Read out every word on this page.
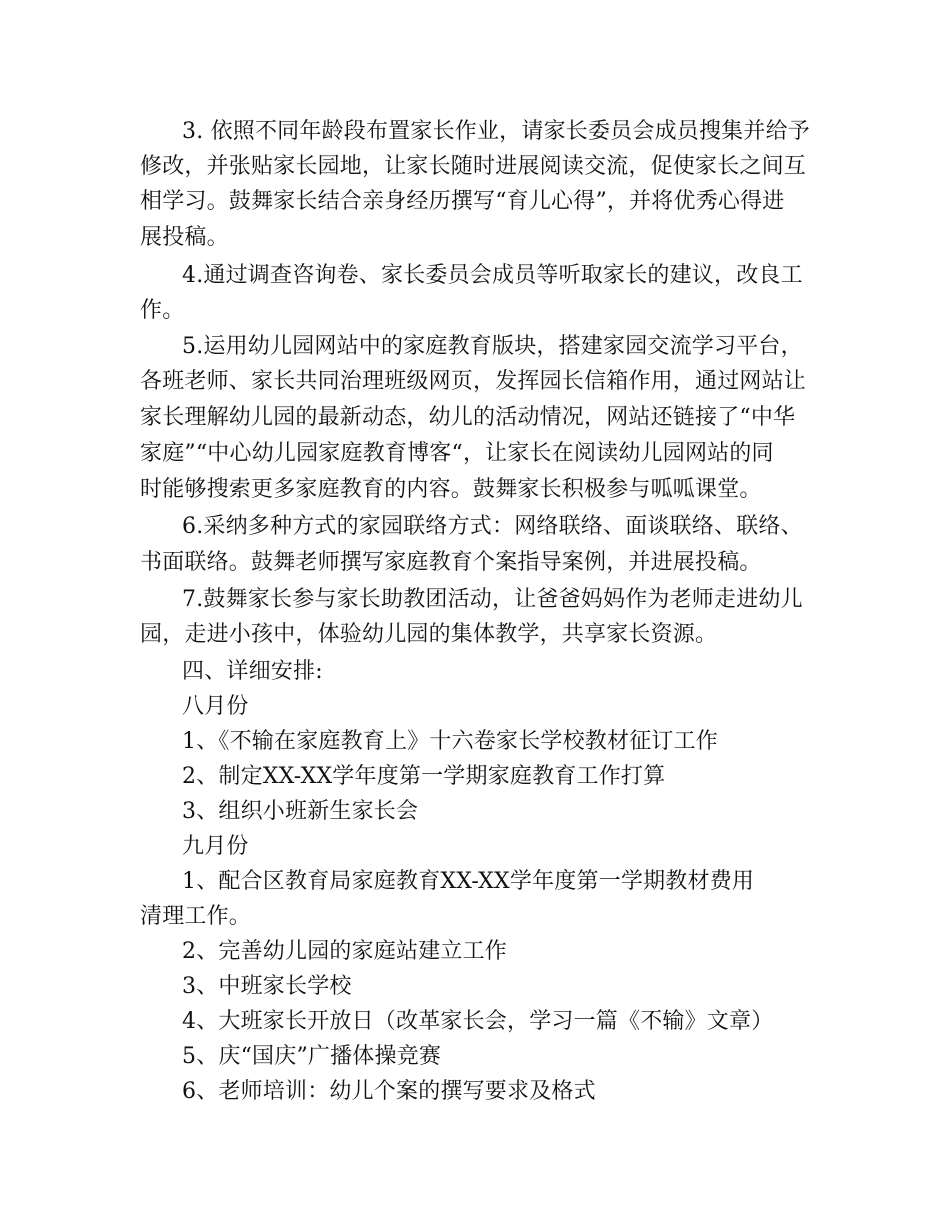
3. 依照不同年龄段布置家长作业，请家长委员会成员搜集并给予
修改，并张贴家长园地，让家长随时进展阅读交流，促使家长之间互
相学习。鼓舞家长结合亲身经历撰写“育儿心得”，并将优秀心得进
展投稿。
4.通过调查咨询卷、家长委员会成员等听取家长的建议，改良工
作。
5.运用幼儿园网站中的家庭教育版块，搭建家园交流学习平台，
各班老师、家长共同治理班级网页，发挥园长信箱作用，通过网站让
家长理解幼儿园的最新动态，幼儿的活动情况，网站还链接了“中华
家庭”“中心幼儿园家庭教育博客“，让家长在阅读幼儿园网站的同
时能够搜索更多家庭教育的内容。鼓舞家长积极参与呱呱课堂。
6.采纳多种方式的家园联络方式：网络联络、面谈联络、联络、
书面联络。鼓舞老师撰写家庭教育个案指导案例，并进展投稿。
7.鼓舞家长参与家长助教团活动，让爸爸妈妈作为老师走进幼儿
园，走进小孩中，体验幼儿园的集体教学，共享家长资源。
四、详细安排:
八月份
1、《不输在家庭教育上》十六卷家长学校教材征订工作
2、制定XX-XX学年度第一学期家庭教育工作打算
3、组织小班新生家长会
九月份
1、配合区教育局家庭教育XX-XX学年度第一学期教材费用
清理工作。
2、完善幼儿园的家庭站建立工作
3、中班家长学校
4、大班家长开放日（改革家长会，学习一篇《不输》文章）
5、庆“国庆”广播体操竞赛
6、老师培训：幼儿个案的撰写要求及格式
